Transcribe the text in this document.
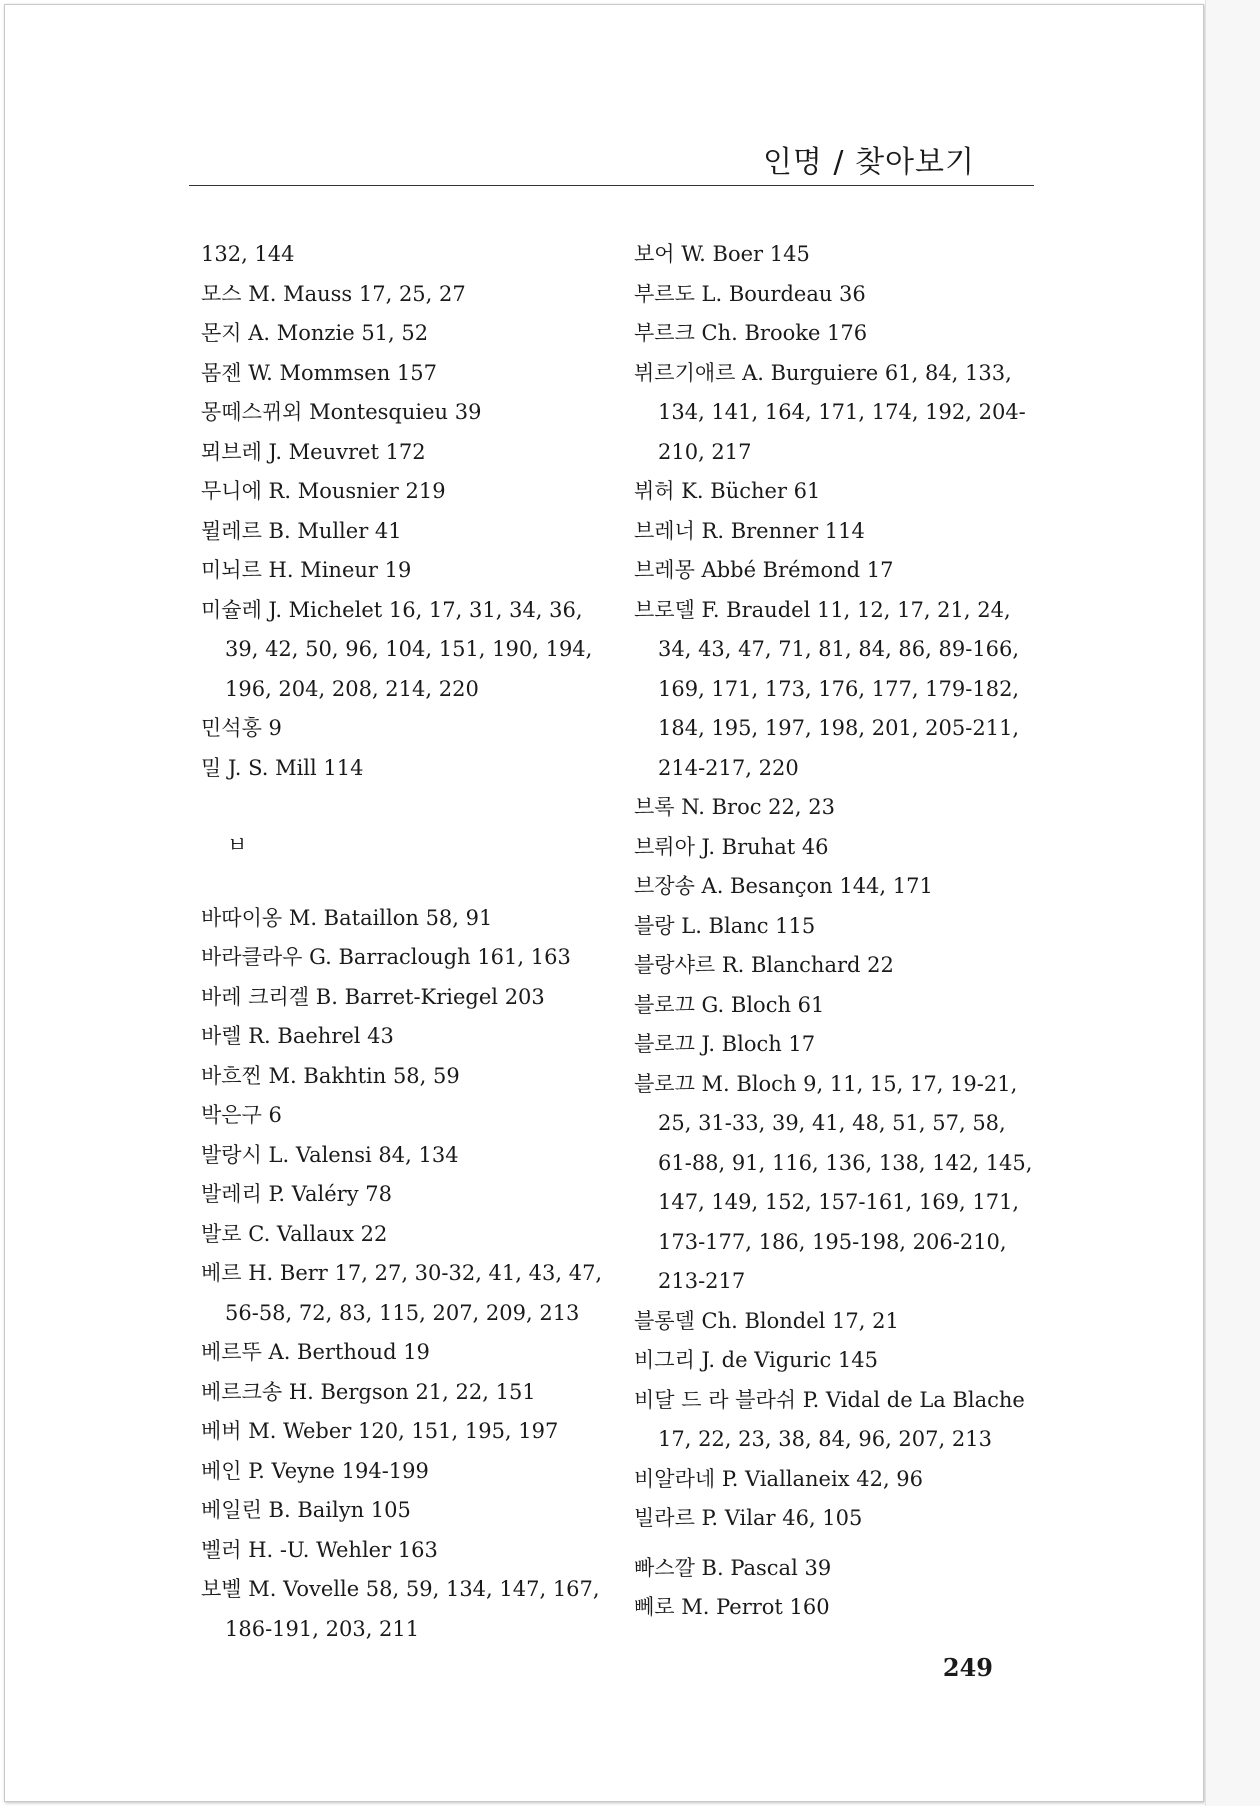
인명 / 찾아보기
132, 144
모스 M. Mauss 17, 25, 27
몬지 A. Monzie 51, 52
몸젠 W. Mommsen 157
몽떼스뀌외 Montesquieu 39
뫼브레 J. Meuvret 172
무니에 R. Mousnier 219
뮐레르 B. Muller 41
미뇌르 H. Mineur 19
미슐레 J. Michelet 16, 17, 31, 34, 36, 39, 42, 50, 96, 104, 151, 190, 194, 196, 204, 208, 214, 220
민석홍 9
밀 J. S. Mill 114
ㅂ
바따이옹 M. Bataillon 58, 91
바라클라우 G. Barraclough 161, 163
바레 크리겔 B. Barret-Kriegel 203
바렐 R. Baehrel 43
바흐찐 M. Bakhtin 58, 59
박은구 6
발랑시 L. Valensi 84, 134
발레리 P. Valéry 78
발로 C. Vallaux 22
베르 H. Berr 17, 27, 30-32, 41, 43, 47, 56-58, 72, 83, 115, 207, 209, 213
베르뚜 A. Berthoud 19
베르크송 H. Bergson 21, 22, 151
베버 M. Weber 120, 151, 195, 197
베인 P. Veyne 194-199
베일린 B. Bailyn 105
벨러 H. -U. Wehler 163
보벨 M. Vovelle 58, 59, 134, 147, 167, 186-191, 203, 211
보어 W. Boer 145
부르도 L. Bourdeau 36
부르크 Ch. Brooke 176
뷔르기애르 A. Burguiere 61, 84, 133, 134, 141, 164, 171, 174, 192, 204-210, 217
뷔허 K. Bücher 61
브레너 R. Brenner 114
브레몽 Abbé Brémond 17
브로델 F. Braudel 11, 12, 17, 21, 24, 34, 43, 47, 71, 81, 84, 86, 89-166, 169, 171, 173, 176, 177, 179-182, 184, 195, 197, 198, 201, 205-211, 214-217, 220
브록 N. Broc 22, 23
브뤼아 J. Bruhat 46
브장송 A. Besançon 144, 171
블랑 L. Blanc 115
블랑샤르 R. Blanchard 22
블로끄 G. Bloch 61
블로끄 J. Bloch 17
블로끄 M. Bloch 9, 11, 15, 17, 19-21, 25, 31-33, 39, 41, 48, 51, 57, 58, 61-88, 91, 116, 136, 138, 142, 145, 147, 149, 152, 157-161, 169, 171, 173-177, 186, 195-198, 206-210, 213-217
블롱델 Ch. Blondel 17, 21
비그리 J. de Viguric 145
비달 드 라 블라쉬 P. Vidal de La Blache 17, 22, 23, 38, 84, 96, 207, 213
비알라네 P. Viallaneix 42, 96
빌라르 P. Vilar 46, 105
빠스깔 B. Pascal 39
뻬로 M. Perrot 160
249
